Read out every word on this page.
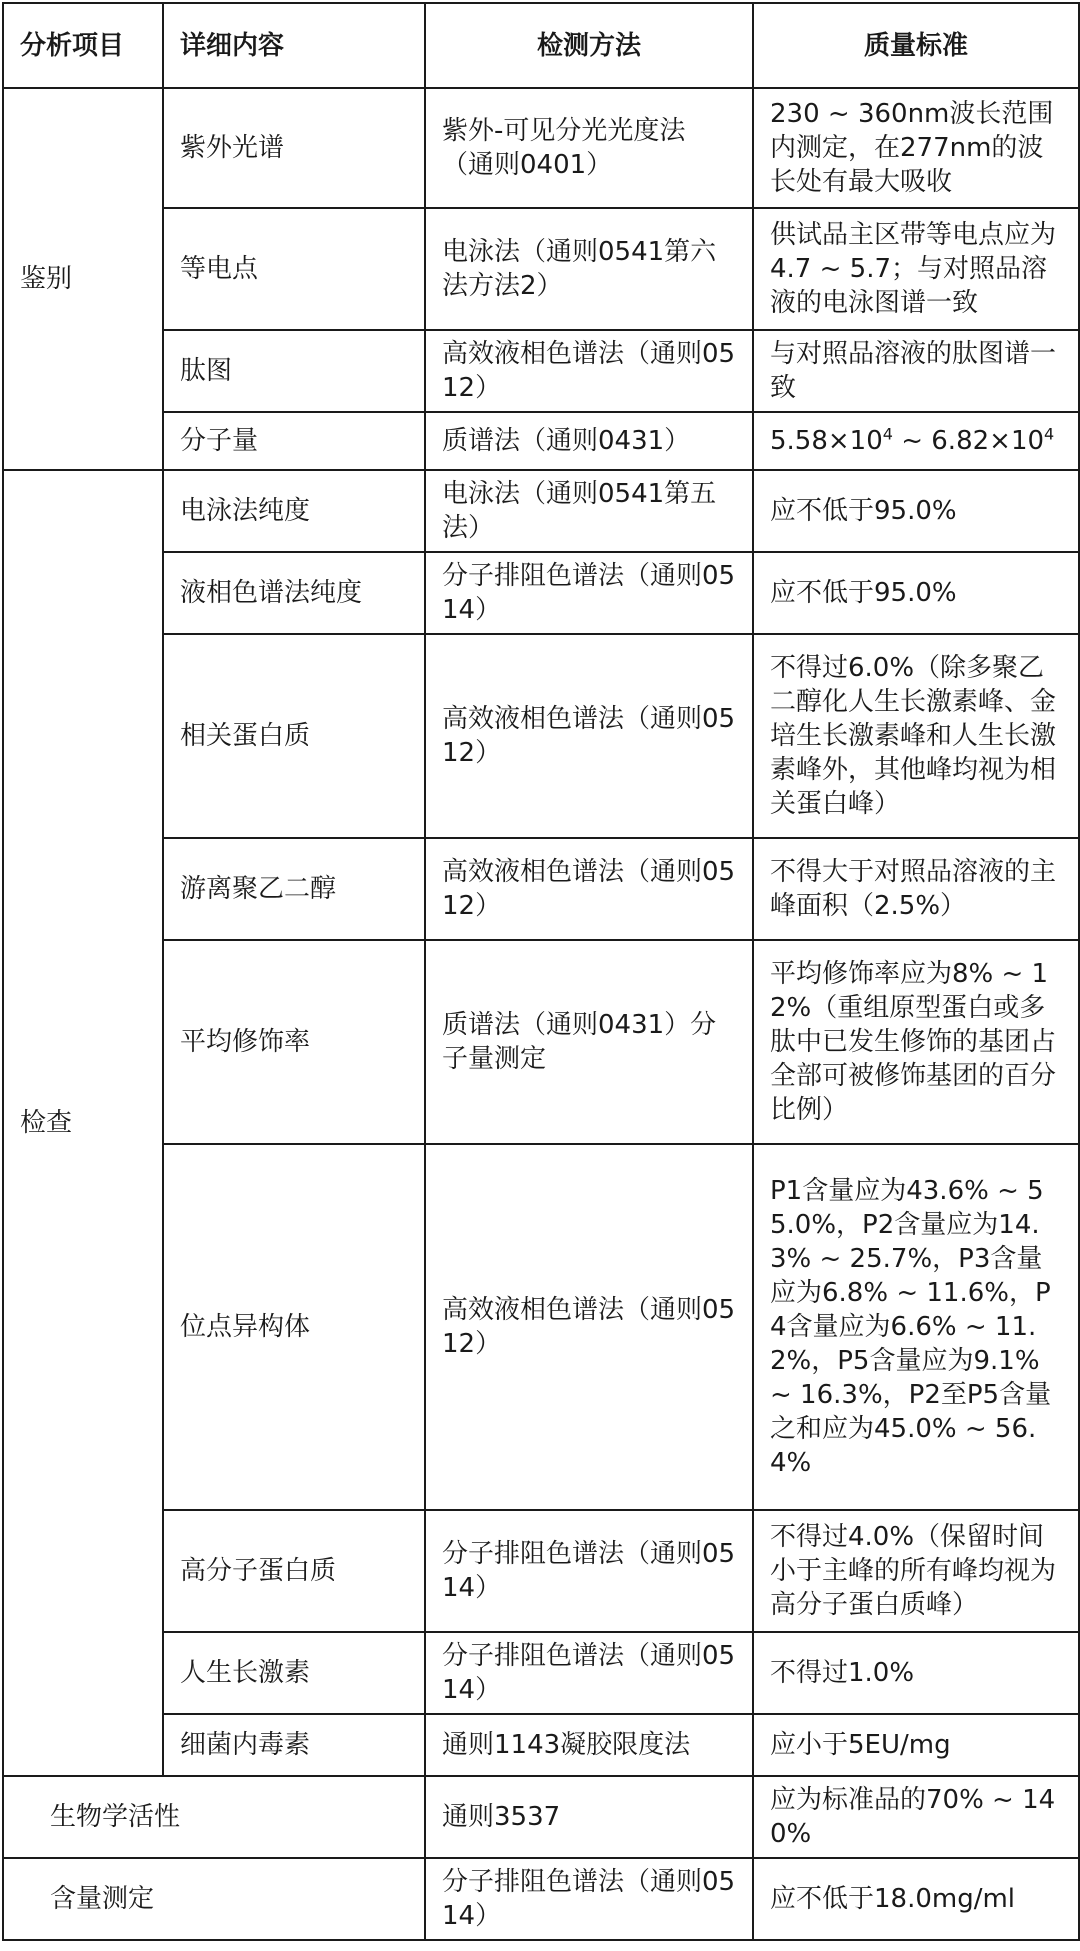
分析项目	详细内容	检测方法	质量标准
鉴别	紫外光谱	紫外-可见分光光度法（通则0401）	230 ~ 360nm波长范围内测定，在277nm的波长处有最大吸收
	等电点	电泳法（通则0541第六法方法2）	供试品主区带等电点应为4.7 ~ 5.7；与对照品溶液的电泳图谱一致
	肽图	高效液相色谱法（通则0512）	与对照品溶液的肽图谱一致
	分子量	质谱法（通则0431）	$5.58\times 10^4$ ~ $6.82\times 10^4$
检查	电泳法纯度	电泳法（通则0541第五法）	应不低于95.0%
	液相色谱法纯度	分子排阻色谱法（通则0514）	应不低于95.0%
	相关蛋白质	高效液相色谱法（通则0512）	不得过6.0%（除多聚乙二醇化人生长激素峰、金培生长激素峰和人生长激素峰外，其他峰均视为相关蛋白峰）
	游离聚乙二醇	高效液相色谱法（通则0512）	不得大于对照品溶液的主峰面积（2.5%）
	平均修饰率	质谱法（通则0431）分子量测定	平均修饰率应为8% ~ 12%（重组原型蛋白或多肽中已发生修饰的基团占全部可被修饰基团的百分比例）
	位点异构体	高效液相色谱法（通则0512）	P1含量应为43.6% ~ 55.0%，P2含量应为14.3% ~ 25.7%，P3含量应为6.8% ~ 11.6%，P4含量应为6.6% ~ 11.2%，P5含量应为9.1% ~ 16.3%，P2至P5含量之和应为45.0% ~ 56.4%
	高分子蛋白质	分子排阻色谱法（通则0514）	不得过4.0%（保留时间小于主峰的所有峰均视为高分子蛋白质峰）
	人生长激素	分子排阻色谱法（通则0514）	不得过1.0%
	细菌内毒素	通则1143凝胶限度法	应小于5EU/mg
生物学活性		通则3537	应为标准品的70% ~ 140%
含量测定		分子排阻色谱法（通则0514）	应不低于18.0mg/ml
